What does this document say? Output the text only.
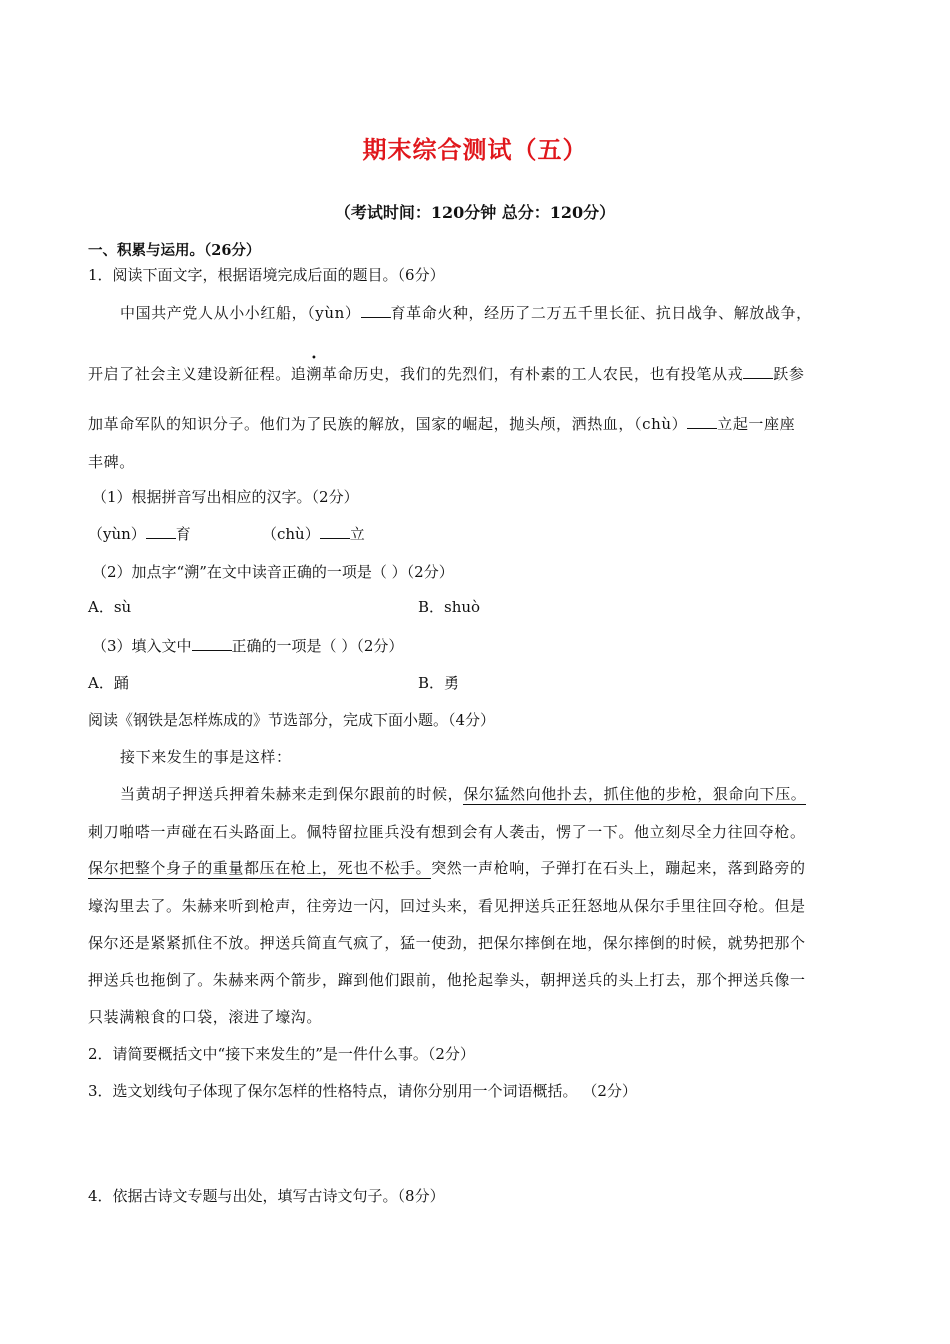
期末综合测试（五）
（考试时间：120分钟 总分：120分）
一、积累与运用。（26分）
1．阅读下面文字，根据语境完成后面的题目。（6分）
中国共产党人从小小红船，（yùn） 育革命火种，经历了二万五千里长征、抗日战争、解放战争，
开启了社会主义建设新征程。追
•
溯革命历史，我们的先烈们，有朴素的工人农民，也有投笔从戎 跃参
加革命军队的知识分子。他们为了民族的解放，国家的崛起，抛头颅，洒热血，（chù） 立起一座座
丰碑。
（1）根据拼音写出相应的汉字。（2分）
（yùn） 育	（chù） 立
（2）加点字“溯”在文中读音正确的一项是（ ）（2分）
A．sù	B．shuò
（3）填入文中	正确的一项是（ ）（2分）
A．踊	B．勇
阅读《钢铁是怎样炼成的》节选部分，完成下面小题。（4分）
接下来发生的事是这样：
当黄胡子押送兵押着朱赫来走到保尔跟前的时候，保尔猛然向他扑去，抓住他的步枪，狠命向下压。
刺刀啪嗒一声碰在石头路面上。佩特留拉匪兵没有想到会有人袭击，愣了一下。他立刻尽全力往回夺枪。
保尔把整个身子的重量都压在枪上，死也不松手。突然一声枪响，子弹打在石头上，蹦起来，落到路旁的
壕沟里去了。朱赫来听到枪声，往旁边一闪，回过头来，看见押送兵正狂怒地从保尔手里往回夺枪。但是
保尔还是紧紧抓住不放。押送兵简直气疯了，猛一使劲，把保尔摔倒在地，保尔摔倒的时候，就势把那个
押送兵也拖倒了。朱赫来两个箭步，蹿到他们跟前，他抡起拳头，朝押送兵的头上打去，那个押送兵像一
只装满粮食的口袋，滚进了壕沟。
2．请简要概括文中“接下来发生的”是一件什么事。（2分）
3．选文划线句子体现了保尔怎样的性格特点，请你分别用一个词语概括。 （2分）
4．依据古诗文专题与出处，填写古诗文句子。（8分）
